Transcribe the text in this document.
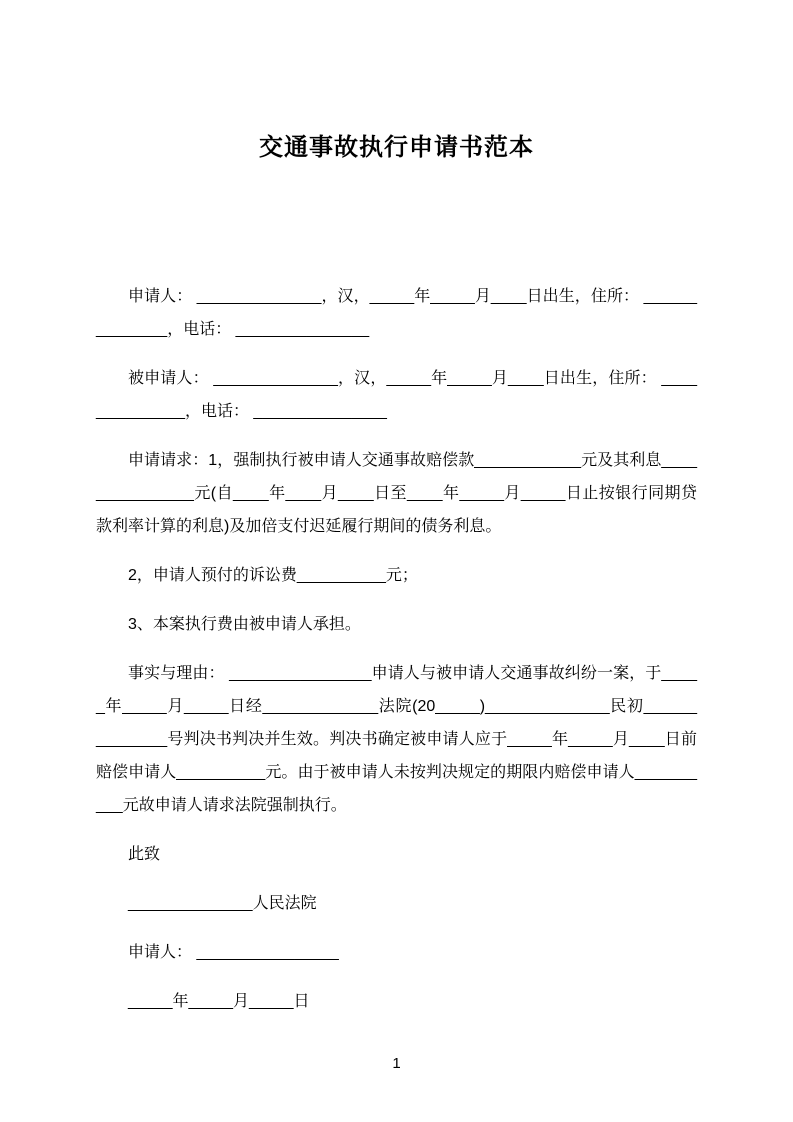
交通事故执行申请书范本

申请人： ______________，汉，_____年_____月____日出生，住所： ______________，电话： _______________

被申请人： ______________，汉，_____年_____月____日出生，住所： ______________，电话： _______________

申请请求：1，强制执行被申请人交通事故赔偿款____________元及其利息_______________元(自____年____月____日至____年_____月_____日止按银行同期贷款利率计算的利息)及加倍支付迟延履行期间的债务利息。

2，申请人预付的诉讼费__________元；

3、本案执行费由被申请人承担。

事实与理由： ________________申请人与被申请人交通事故纠纷一案，于_____年_____月_____日经_____________法院(20_____)______________民初______________号判决书判决并生效。判决书确定被申请人应于_____年_____月____日前赔偿申请人__________元。由于被申请人未按判决规定的期限内赔偿申请人__________元故申请人请求法院强制执行。

此致

______________人民法院

申请人： ________________

_____年_____月_____日

1
